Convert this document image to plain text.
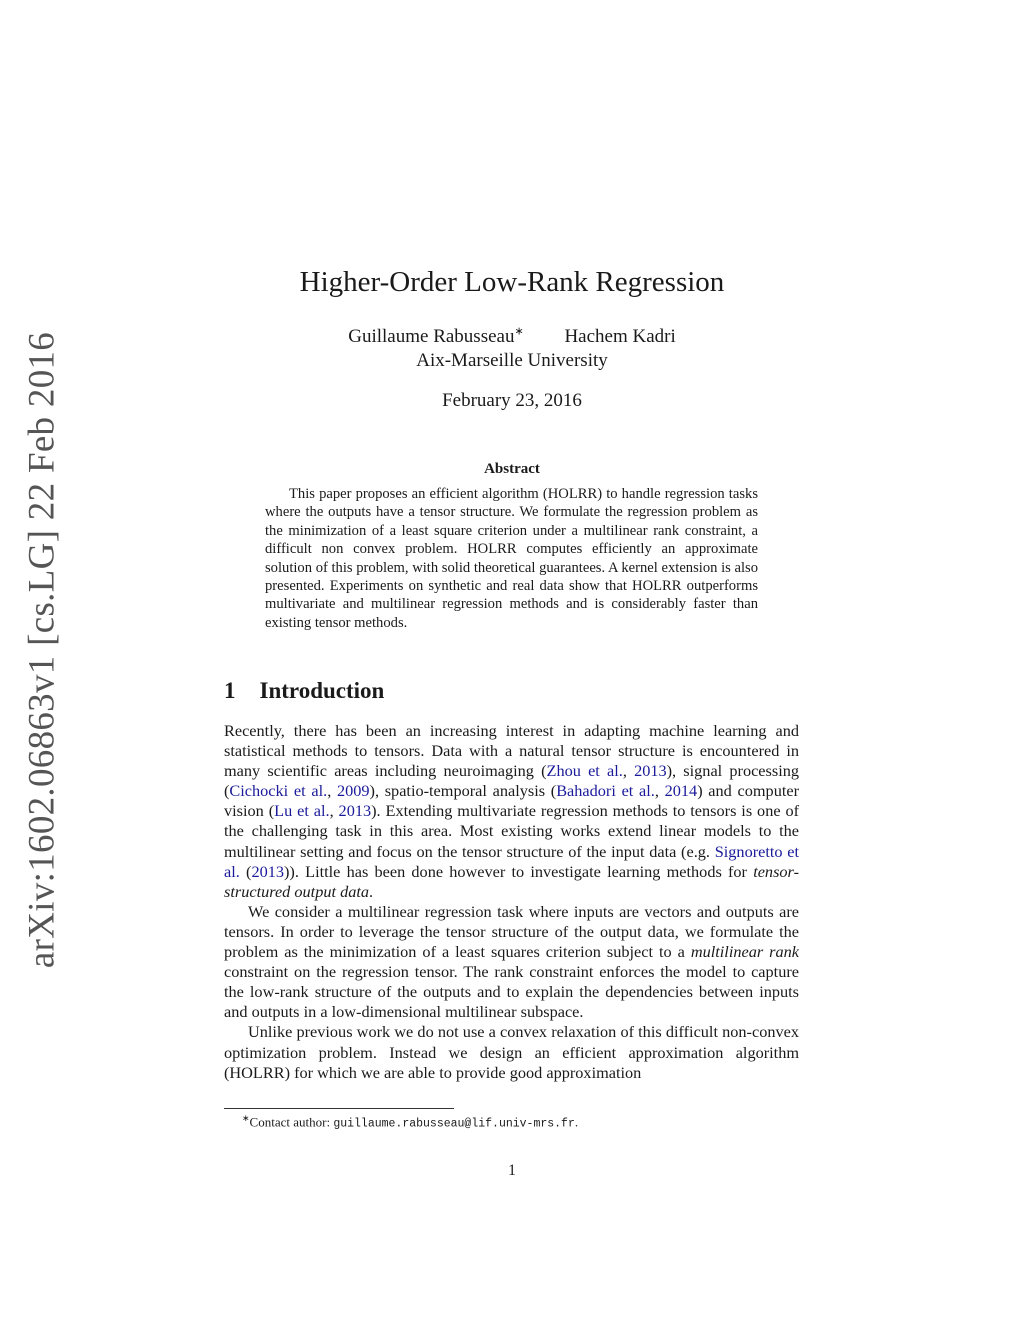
arXiv:1602.06863v1 [cs.LG] 22 Feb 2016
Higher-Order Low-Rank Regression
Guillaume Rabusseau∗ Hachem Kadri
Aix-Marseille University
February 23, 2016
Abstract
This paper proposes an efficient algorithm (HOLRR) to handle regression tasks where the outputs have a tensor structure. We formulate the regression problem as the minimization of a least square criterion under a multilinear rank constraint, a difficult non convex problem. HOLRR computes efficiently an approximate solution of this problem, with solid theoretical guarantees. A kernel extension is also presented. Experiments on synthetic and real data show that HOLRR outperforms multivariate and multilinear regression methods and is considerably faster than existing tensor methods.
1 Introduction

Recently, there has been an increasing interest in adapting machine learning and statistical methods to tensors. Data with a natural tensor structure is encountered in many scientific areas including neuroimaging (Zhou et al., 2013), signal processing (Cichocki et al., 2009), spatio-temporal analysis (Bahadori et al., 2014) and computer vision (Lu et al., 2013). Extending multivariate regression methods to tensors is one of the challenging task in this area. Most existing works extend linear models to the multilinear setting and focus on the tensor structure of the input data (e.g. Signoretto et al. (2013)). Little has been done however to investigate learning methods for tensor-structured output data.

We consider a multilinear regression task where inputs are vectors and outputs are tensors. In order to leverage the tensor structure of the output data, we formulate the problem as the minimization of a least squares criterion subject to a multilinear rank constraint on the regression tensor. The rank constraint enforces the model to capture the low-rank structure of the outputs and to explain the dependencies between inputs and outputs in a low-dimensional multilinear subspace.

Unlike previous work we do not use a convex relaxation of this difficult non-convex optimization problem. Instead we design an efficient approximation algorithm (HOLRR) for which we are able to provide good approximation

∗Contact author: guillaume.rabusseau@lif.univ-mrs.fr.
1
